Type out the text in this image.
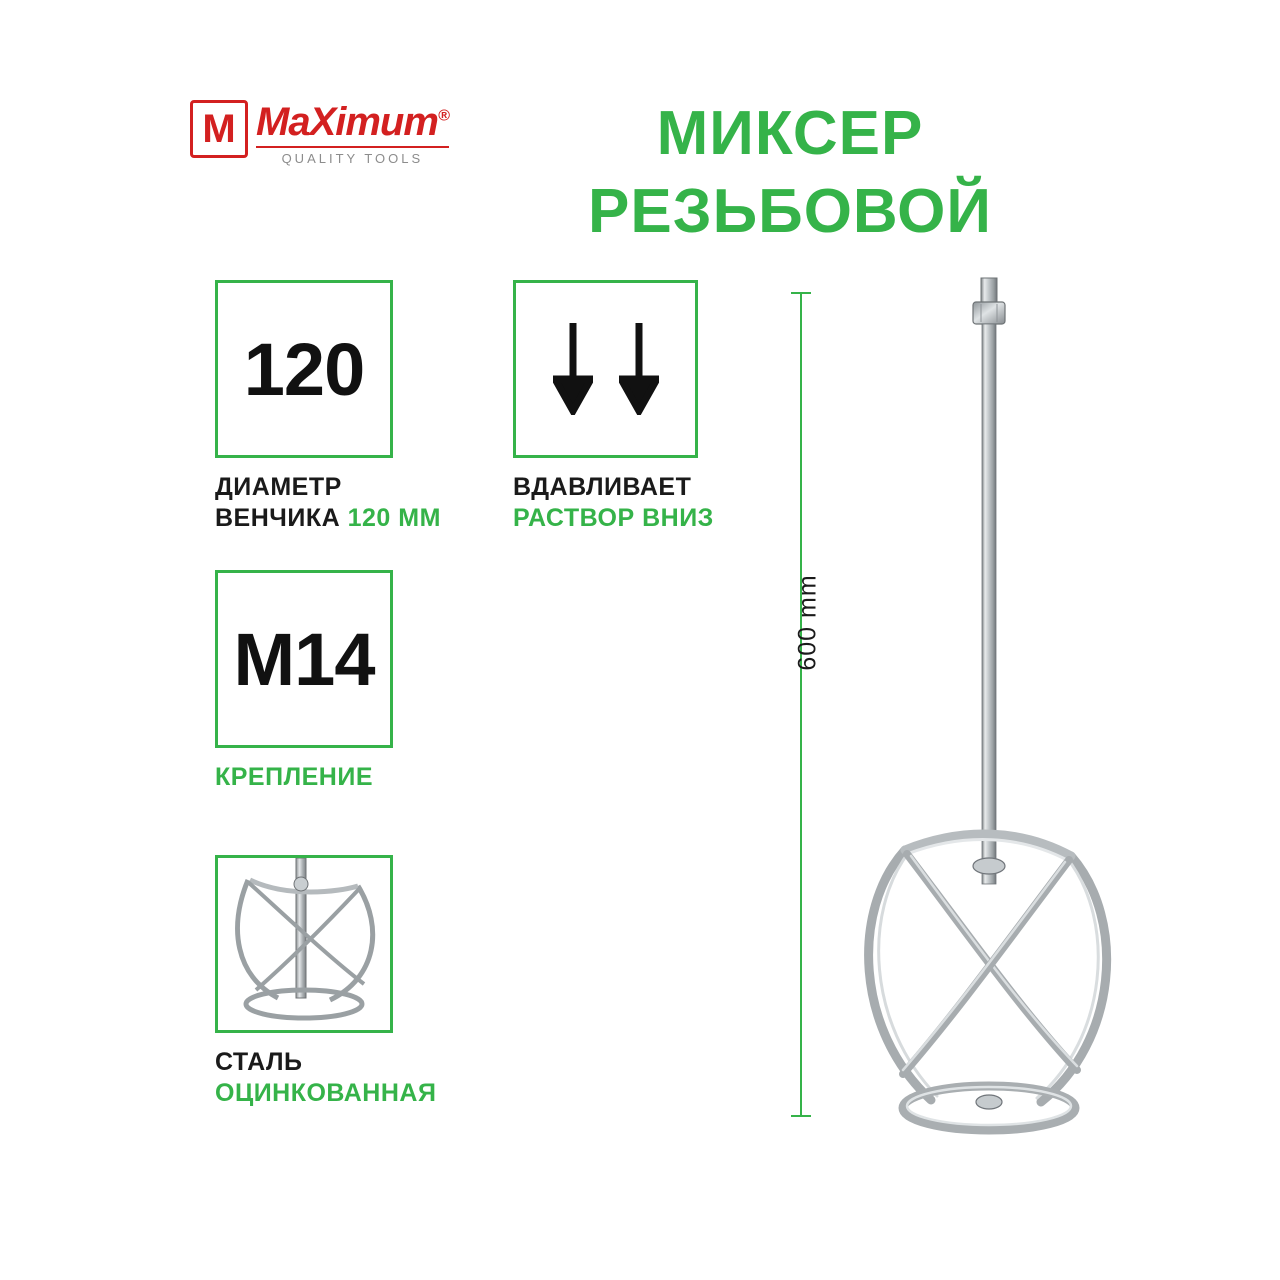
M MaXimum®
QUALITY TOOLS	МИКСЕР
РЕЗЬБОВОЙ
120
ДИАМЕТР
ВЕНЧИКА 120 ММ
ВДАВЛИВАЕТ
РАСТВОР ВНИЗ
M14
КРЕПЛЕНИЕ
СТАЛЬ
ОЦИНКОВАННАЯ
600 mm
